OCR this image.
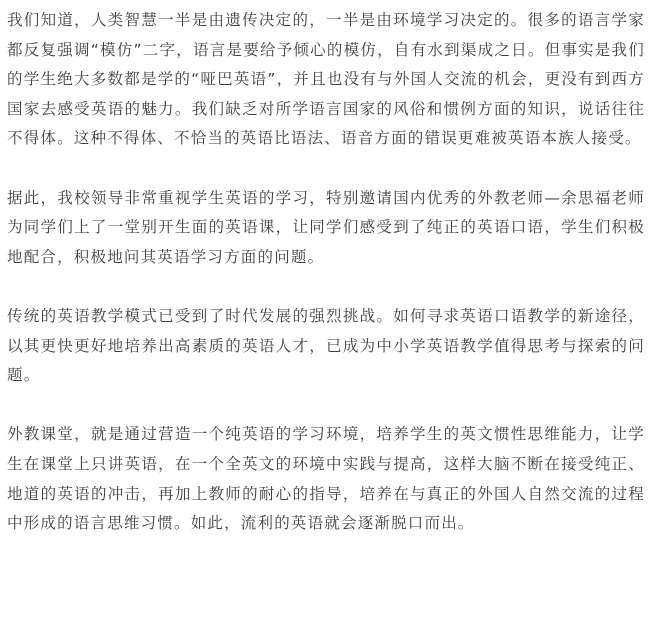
我们知道，人类智慧一半是由遗传决定的，一半是由环境学习决定的。很多的语言学家都反复强调“模仿”二字，语言是要给予倾心的模仿，自有水到渠成之日。但事实是我们的学生绝大多数都是学的“哑巴英语”，并且也没有与外国人交流的机会，更没有到西方国家去感受英语的魅力。我们缺乏对所学语言国家的风俗和惯例方面的知识，说话往往不得体。这种不得体、不恰当的英语比语法、语音方面的错误更难被英语本族人接受。

据此，我校领导非常重视学生英语的学习，特别邀请国内优秀的外教老师—余思福老师为同学们上了一堂别开生面的英语课，让同学们感受到了纯正的英语口语，学生们积极地配合，积极地问其英语学习方面的问题。

传统的英语教学模式已受到了时代发展的强烈挑战。如何寻求英语口语教学的新途径，以其更快更好地培养出高素质的英语人才，已成为中小学英语教学值得思考与探索的问题。

外教课堂，就是通过营造一个纯英语的学习环境，培养学生的英文惯性思维能力，让学生在课堂上只讲英语，在一个全英文的环境中实践与提高，这样大脑不断在接受纯正、地道的英语的冲击，再加上教师的耐心的指导，培养在与真正的外国人自然交流的过程中形成的语言思维习惯。如此，流利的英语就会逐渐脱口而出。
